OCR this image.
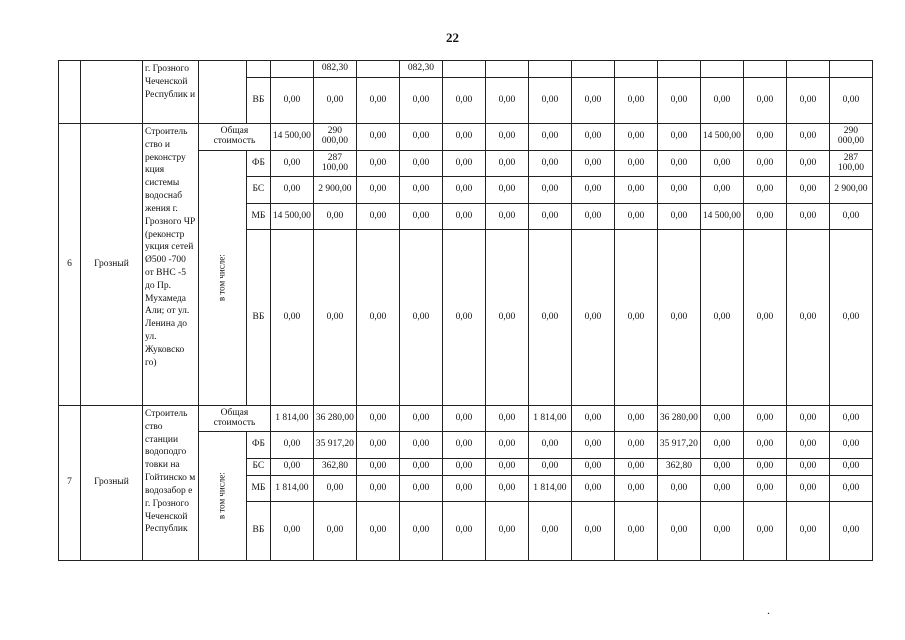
22
		г. Грозного Чеченской Республик и				082,30		082,30										
				ВБ	0,00	0,00	0,00	0,00	0,00	0,00	0,00	0,00	0,00	0,00	0,00	0,00	0,00	0,00
6	Грозный	Строитель ство и реконстру кция системы водоснаб жения г. Грозного ЧР (реконстр укция сетей Ø500 -700 от ВНС -5 до Пр. Мухамеда Али; от ул. Ленина до ул. Жуковско го)	Общая стоимость		14 500,00	290 000,00	0,00	0,00	0,00	0,00	0,00	0,00	0,00	0,00	14 500,00	0,00	0,00	290 000,00
			в том числе:	ФБ	0,00	287 100,00	0,00	0,00	0,00	0,00	0,00	0,00	0,00	0,00	0,00	0,00	0,00	287 100,00
				БС	0,00	2 900,00	0,00	0,00	0,00	0,00	0,00	0,00	0,00	0,00	0,00	0,00	0,00	2 900,00
				МБ	14 500,00	0,00	0,00	0,00	0,00	0,00	0,00	0,00	0,00	0,00	14 500,00	0,00	0,00	0,00
				ВБ	0,00	0,00	0,00	0,00	0,00	0,00	0,00	0,00	0,00	0,00	0,00	0,00	0,00	0,00
7	Грозный	Строитель ство станции водоподго товки на Гойтинско м водозабор е г. Грозного Чеченской Республик	Общая стоимость		1 814,00	36 280,00	0,00	0,00	0,00	0,00	1 814,00	0,00	0,00	36 280,00	0,00	0,00	0,00	0,00
			в том числе:	ФБ	0,00	35 917,20	0,00	0,00	0,00	0,00	0,00	0,00	0,00	35 917,20	0,00	0,00	0,00	0,00
				БС	0,00	362,80	0,00	0,00	0,00	0,00	0,00	0,00	0,00	362,80	0,00	0,00	0,00	0,00
				МБ	1 814,00	0,00	0,00	0,00	0,00	0,00	1 814,00	0,00	0,00	0,00	0,00	0,00	0,00	0,00
				ВБ	0,00	0,00	0,00	0,00	0,00	0,00	0,00	0,00	0,00	0,00	0,00	0,00	0,00	0,00
.
